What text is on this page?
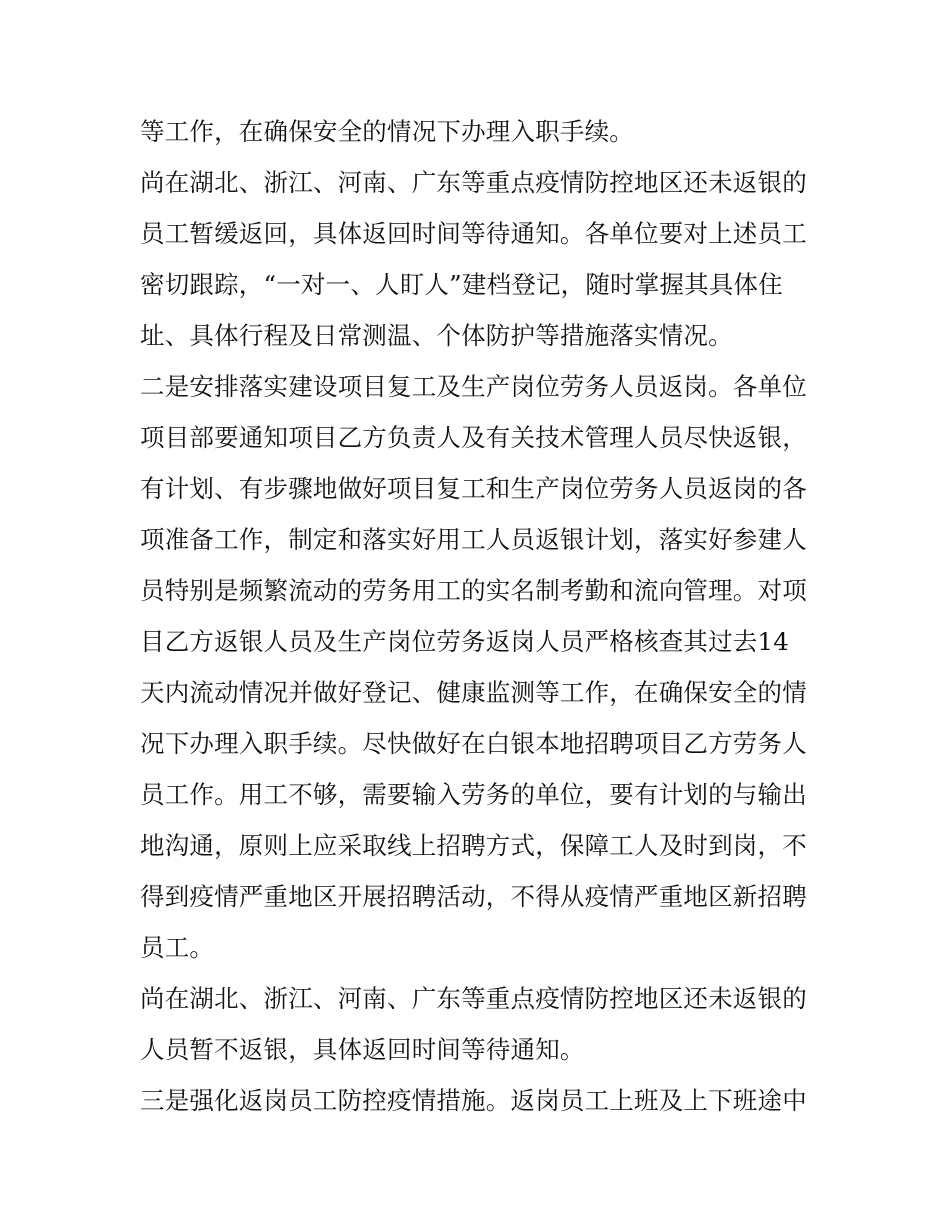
等工作，在确保安全的情况下办理入职手续。
尚在湖北、浙江、河南、广东等重点疫情防控地区还未返银的
员工暂缓返回，具体返回时间等待通知。各单位要对上述员工
密切跟踪，“一对一、人盯人”建档登记，随时掌握其具体住
址、具体行程及日常测温、个体防护等措施落实情况。
二是安排落实建设项目复工及生产岗位劳务人员返岗。各单位
项目部要通知项目乙方负责人及有关技术管理人员尽快返银，
有计划、有步骤地做好项目复工和生产岗位劳务人员返岗的各
项准备工作，制定和落实好用工人员返银计划，落实好参建人
员特别是频繁流动的劳务用工的实名制考勤和流向管理。对项
目乙方返银人员及生产岗位劳务返岗人员严格核查其过去14
天内流动情况并做好登记、健康监测等工作，在确保安全的情
况下办理入职手续。尽快做好在白银本地招聘项目乙方劳务人
员工作。用工不够，需要输入劳务的单位，要有计划的与输出
地沟通，原则上应采取线上招聘方式，保障工人及时到岗，不
得到疫情严重地区开展招聘活动，不得从疫情严重地区新招聘
员工。
尚在湖北、浙江、河南、广东等重点疫情防控地区还未返银的
人员暂不返银，具体返回时间等待通知。
三是强化返岗员工防控疫情措施。返岗员工上班及上下班途中
